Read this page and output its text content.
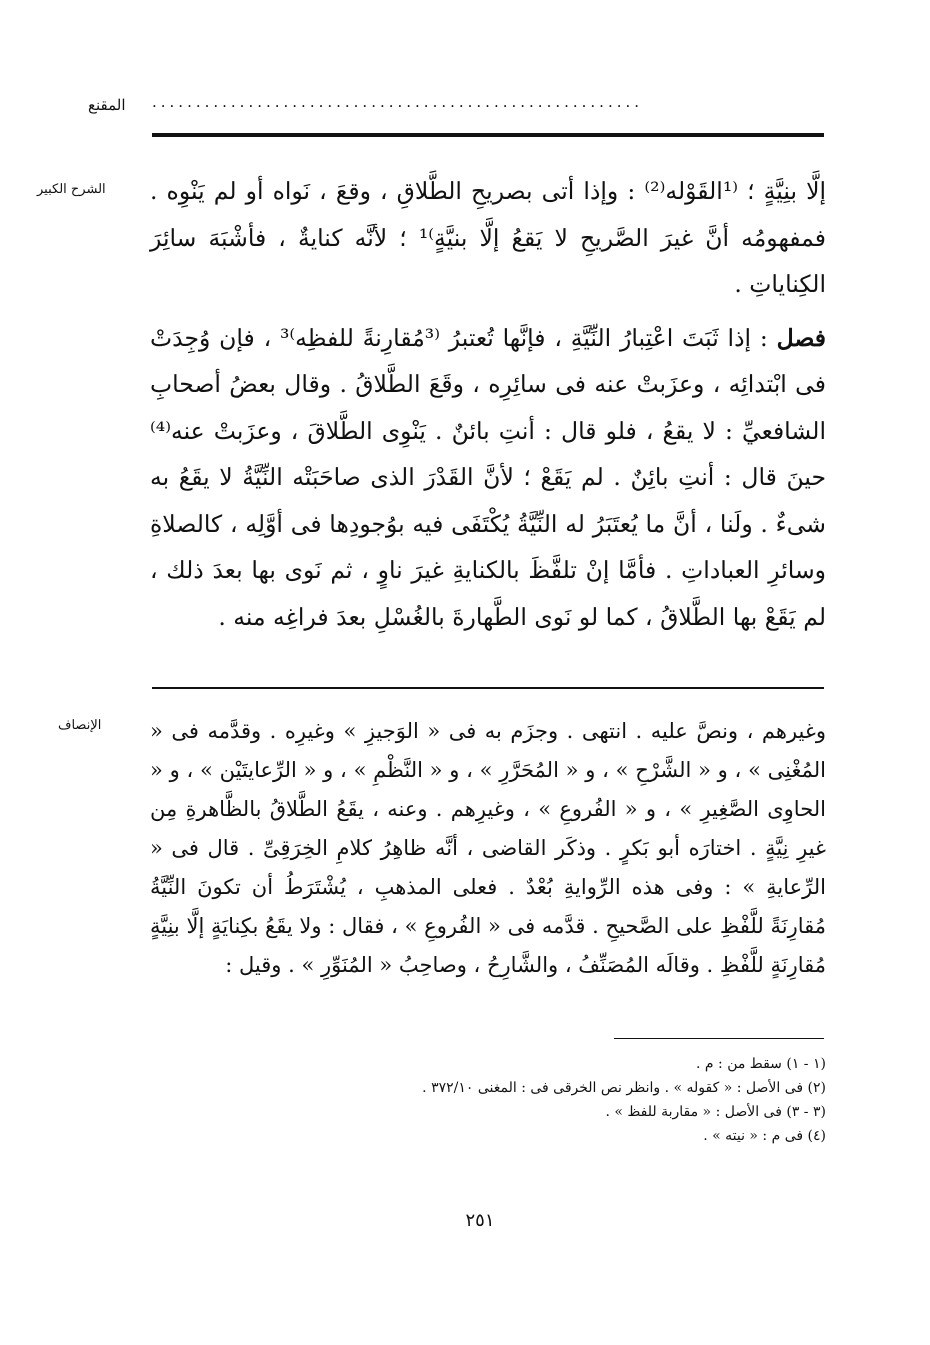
المقنع ........................................................
الشرح الكبير إلَّا بنِيَّةٍ ؛ ⁽¹القَوْله⁽²⁾ : وإذا أتى بصريحِ الطَّلاقِ ، وقعَ ، نَواه أو لم يَنْوِه . فمفهومُه أنَّ غيرَ الصَّريحِ لا يَقعُ إلَّا بنيَّةٍ⁾¹ ؛ لأنَّه كنايةٌ ، فأشْبَهَ سائِرَ الكِناياتِ .

فصل : إذا ثَبَتَ اعْتِبارُ النِّيَّةِ ، فإنَّها تُعتبرُ ⁽³مُقارِنةً للفظِه⁾³ ، فإن وُجِدَتْ فى ابْتدائِه ، وعزَبتْ عنه فى سائِرِه ، وقَعَ الطَّلاقُ . وقال بعضُ أصحابِ الشافعيِّ : لا يقعُ ، فلو قال : أنتِ بائنٌ . يَنْوِى الطَّلاقَ ، وعزَبتْ عنه⁽⁴⁾ حينَ قال : أنتِ بائِنٌ . لم يَقَعْ ؛ لأنَّ القَدْرَ الذى صاحَبَتْه النِّيَّةُ لا يقَعُ به شىءٌ . ولَنا ، أنَّ ما يُعتَبَرُ له النِّيَّةُ يُكْتَفَى فيه بوُجودِها فى أوَّلِه ، كالصلاةِ وسائرِ العباداتِ . فأمَّا إنْ تلفَّظَ بالكنايةِ غيرَ ناوٍ ، ثم نَوى بها بعدَ ذلك ، لم يَقَعْ بها الطَّلاقُ ، كما لو نَوى الطَّهارةَ بالغُسْلِ بعدَ فراغِه منه .

الإنصاف وغيرهم ، ونصَّ عليه . انتهى . وجزَم به فى « الوَجيزِ » وغيرِه . وقدَّمه فى « المُغْنِى » ، و « الشَّرْحِ » ، و « المُحَرَّرِ » ، و « النَّظْمِ » ، و « الرِّعايتَيْن » ، و « الحاوِى الصَّغِيرِ » ، و « الفُروعِ » ، وغيرِهم . وعنه ، يقَعُ الطَّلاقُ بالظَّاهرةِ مِن غيرِ نِيَّةٍ . اختارَه أبو بَكرٍ . وذكَر القاضى ، أنَّه ظاهِرُ كلامِ الخِرَقِىِّ . قال فى « الرِّعايةِ » : وفى هذه الرِّوايةِ بُعْدٌ . فعلى المذهبِ ، يُشْتَرَطُ أن تكونَ النِّيَّةُ مُقارِنَةً للَّفْظِ على الصَّحيحِ . قدَّمه فى « الفُروعِ » ، فقال : ولا يقَعُ بكِنايَةٍ إلَّا بنِيَّةٍ مُقارِنَةٍ للَّفْظِ . وقالَه المُصَنِّفُ ، والشَّارِحُ ، وصاحِبُ « المُنَوِّرِ » . وقيل :

(١ - ١) سقط من : م .
(٢) فى الأصل : « كقوله » . وانظر نص الخرقى فى : المغنى ٣٧٢/١٠ .
(٣ - ٣) فى الأصل : « مقاربة للفظ » .
(٤) فى م : « نيته » .
٢٥١
